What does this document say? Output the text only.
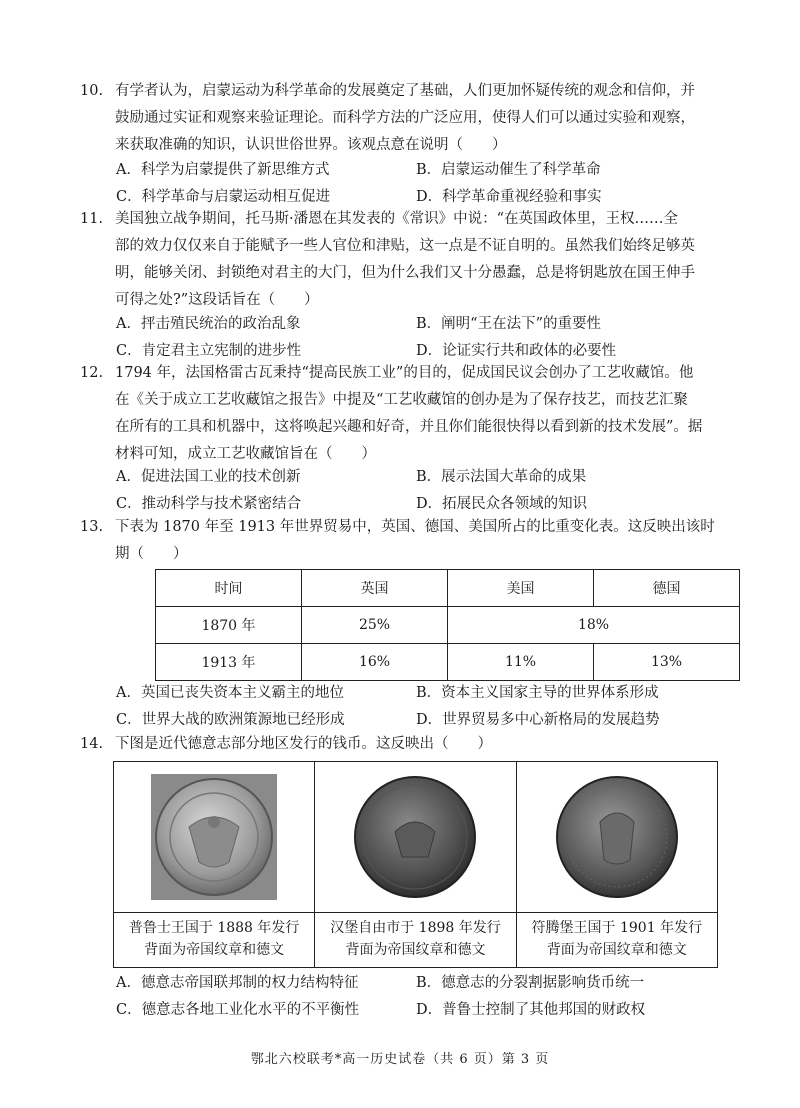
10. 有学者认为，启蒙运动为科学革命的发展奠定了基础，人们更加怀疑传统的观念和信仰，并
鼓励通过实证和观察来验证理论。而科学方法的广泛应用，使得人们可以通过实验和观察，
来获取准确的知识，认识世俗世界。该观点意在说明（　　）
A．科学为启蒙提供了新思维方式	B．启蒙运动催生了科学革命
C．科学革命与启蒙运动相互促进	D．科学革命重视经验和事实
11. 美国独立战争期间，托马斯·潘恩在其发表的《常识》中说：“在英国政体里，王权……全
部的效力仅仅来自于能赋予一些人官位和津贴，这一点是不证自明的。虽然我们始终足够英
明，能够关闭、封锁绝对君主的大门，但为什么我们又十分愚蠢，总是将钥匙放在国王伸手
可得之处?”这段话旨在（　　）
A．抨击殖民统治的政治乱象	B．阐明“王在法下”的重要性
C．肯定君主立宪制的进步性	D．论证实行共和政体的必要性
12. 1794 年，法国格雷古瓦秉持“提高民族工业”的目的，促成国民议会创办了工艺收藏馆。他
在《关于成立工艺收藏馆之报告》中提及“工艺收藏馆的创办是为了保存技艺，而技艺汇聚
在所有的工具和机器中，这将唤起兴趣和好奇，并且你们能很快得以看到新的技术发展”。据
材料可知，成立工艺收藏馆旨在（　　）
A．促进法国工业的技术创新	B．展示法国大革命的成果
C．推动科学与技术紧密结合	D．拓展民众各领域的知识
13. 下表为 1870 年至 1913 年世界贸易中，英国、德国、美国所占的比重变化表。这反映出该时
期（　　）
时间	英国	美国	德国
1870 年	25%	18%	
1913 年	16%	11%	13%
A．英国已丧失资本主义霸主的地位	B．资本主义国家主导的世界体系形成
C．世界大战的欧洲策源地已经形成	D．世界贸易多中心新格局的发展趋势
14. 下图是近代德意志部分地区发行的钱币。这反映出（　　）
普鲁士王国于 1888 年发行
背面为帝国纹章和德文
汉堡自由市于 1898 年发行
背面为帝国纹章和德文
符腾堡王国于 1901 年发行
背面为帝国纹章和德文
A．德意志帝国联邦制的权力结构特征	B．德意志的分裂割据影响货币统一
C．德意志各地工业化水平的不平衡性	D．普鲁士控制了其他邦国的财政权
鄂北六校联考*高一历史试卷（共 6 页）第 3 页
